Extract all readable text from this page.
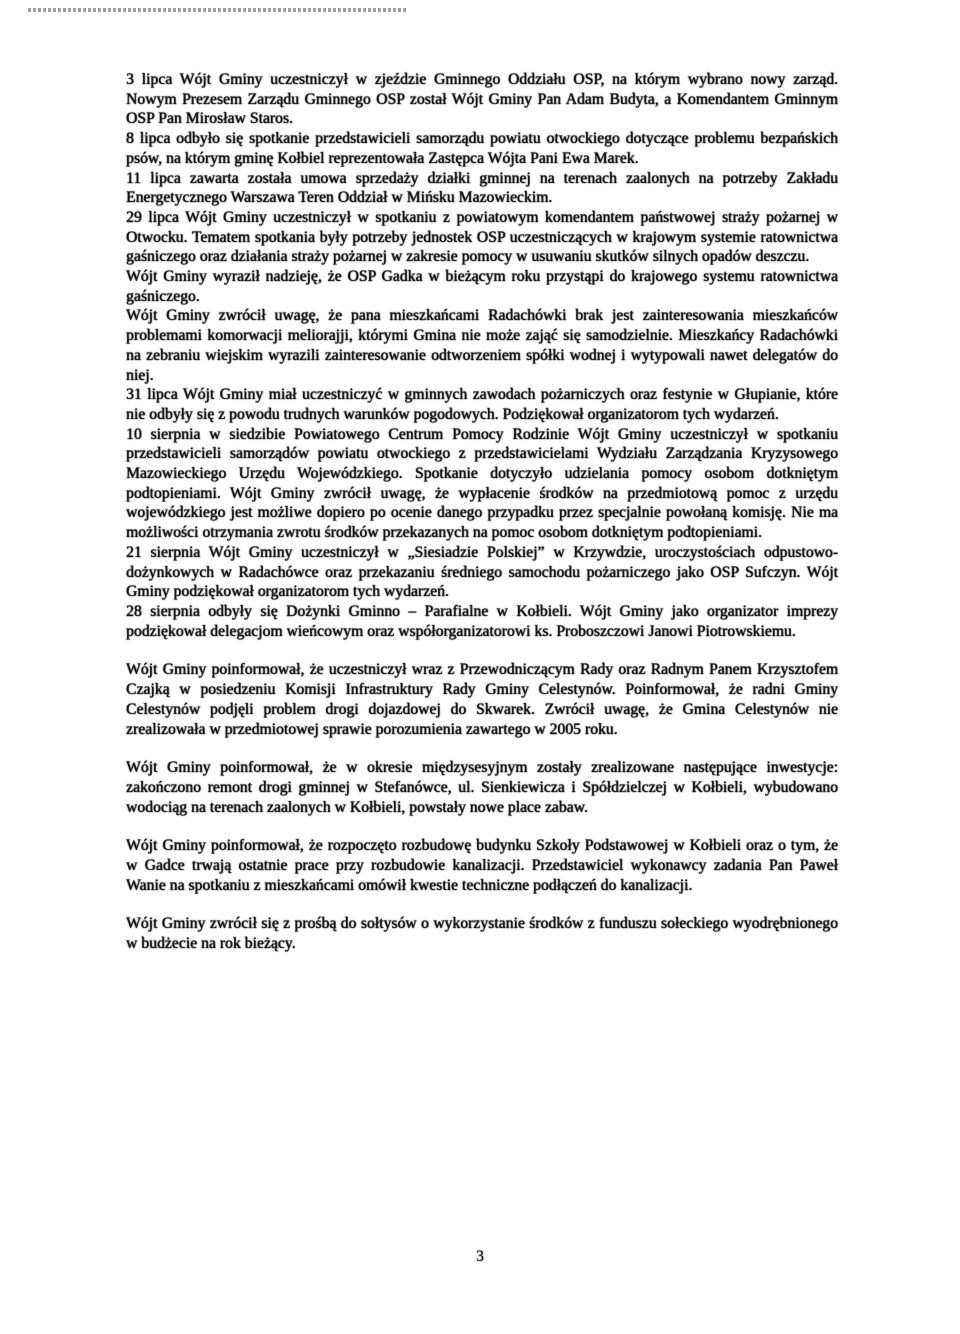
3 lipca Wójt Gminy uczestniczył w zjeździe Gminnego Oddziału OSP, na którym wybrano nowy zarząd. Nowym Prezesem Zarządu Gminnego OSP został Wójt Gminy Pan Adam Budyta, a Komendantem Gminnym OSP Pan Mirosław Staros.

8 lipca odbyło się spotkanie przedstawicieli samorządu powiatu otwockiego dotyczące problemu bezpańskich psów, na którym gminę Kołbiel reprezentowała Zastępca Wójta Pani Ewa Marek.

11 lipca zawarta została umowa sprzedaży działki gminnej na terenach zaalonych na potrzeby Zakładu Energetycznego Warszawa Teren Oddział w Mińsku Mazowieckim.

29 lipca Wójt Gminy uczestniczył w spotkaniu z powiatowym komendantem państwowej straży pożarnej w Otwocku. Tematem spotkania były potrzeby jednostek OSP uczestniczących w krajowym systemie ratownictwa gaśniczego oraz działania straży pożarnej w zakresie pomocy w usuwaniu skutków silnych opadów deszczu.

Wójt Gminy wyraził nadzieję, że OSP Gadka w bieżącym roku przystąpi do krajowego systemu ratownictwa gaśniczego.

Wójt Gminy zwrócił uwagę, że pana mieszkańcami Radachówki brak jest zainteresowania mieszkańców problemami komorwacji meliorajji, którymi Gmina nie może zająć się samodzielnie. Mieszkańcy Radachówki na zebraniu wiejskim wyrazili zainteresowanie odtworzeniem spółki wodnej i wytypowali nawet delegatów do niej.

31 lipca Wójt Gminy miał uczestniczyć w gminnych zawodach pożarniczych oraz festynie w Głupianie, które nie odbyły się z powodu trudnych warunków pogodowych. Podziękował organizatorom tych wydarzeń.

10 sierpnia w siedzibie Powiatowego Centrum Pomocy Rodzinie Wójt Gminy uczestniczył w spotkaniu przedstawicieli samorządów powiatu otwockiego z przedstawicielami Wydziału Zarządzania Kryzysowego Mazowieckiego Urzędu Wojewódzkiego. Spotkanie dotyczyło udzielania pomocy osobom dotkniętym podtopieniami. Wójt Gminy zwrócił uwagę, że wypłacenie środków na przedmiotową pomoc z urzędu wojewódzkiego jest możliwe dopiero po ocenie danego przypadku przez specjalnie powołaną komisję. Nie ma możliwości otrzymania zwrotu środków przekazanych na pomoc osobom dotkniętym podtopieniami.

21 sierpnia Wójt Gminy uczestniczył w „Siesiadzie Polskiej” w Krzywdzie, uroczystościach odpustowo-dożynkowych w Radachówce oraz przekazaniu średniego samochodu pożarniczego jako OSP Sufczyn. Wójt Gminy podziękował organizatorom tych wydarzeń.

28 sierpnia odbyły się Dożynki Gminno – Parafialne w Kołbieli. Wójt Gminy jako organizator imprezy podziękował delegacjom wieńcowym oraz współorganizatorowi ks. Proboszczowi Janowi Piotrowskiemu.

Wójt Gminy poinformował, że uczestniczył wraz z Przewodniczącym Rady oraz Radnym Panem Krzysztofem Czajką w posiedzeniu Komisji Infrastruktury Rady Gminy Celestynów. Poinformował, że radni Gminy Celestynów podjęli problem drogi dojazdowej do Skwarek. Zwrócił uwagę, że Gmina Celestynów nie zrealizowała w przedmiotowej sprawie porozumienia zawartego w 2005 roku.

Wójt Gminy poinformował, że w okresie międzysesyjnym zostały zrealizowane następujące inwestycje: zakończono remont drogi gminnej w Stefanówce, ul. Sienkiewicza i Spółdzielczej w Kołbieli, wybudowano wodociąg na terenach zaalonych w Kołbieli, powstały nowe place zabaw.

Wójt Gminy poinformował, że rozpoczęto rozbudowę budynku Szkoły Podstawowej w Kołbieli oraz o tym, że w Gadce trwają ostatnie prace przy rozbudowie kanalizacji. Przedstawiciel wykonawcy zadania Pan Paweł Wanie na spotkaniu z mieszkańcami omówił kwestie techniczne podłączeń do kanalizacji.

Wójt Gminy zwrócił się z prośbą do sołtysów o wykorzystanie środków z funduszu sołeckiego wyodrębnionego w budżecie na rok bieżący.

3
